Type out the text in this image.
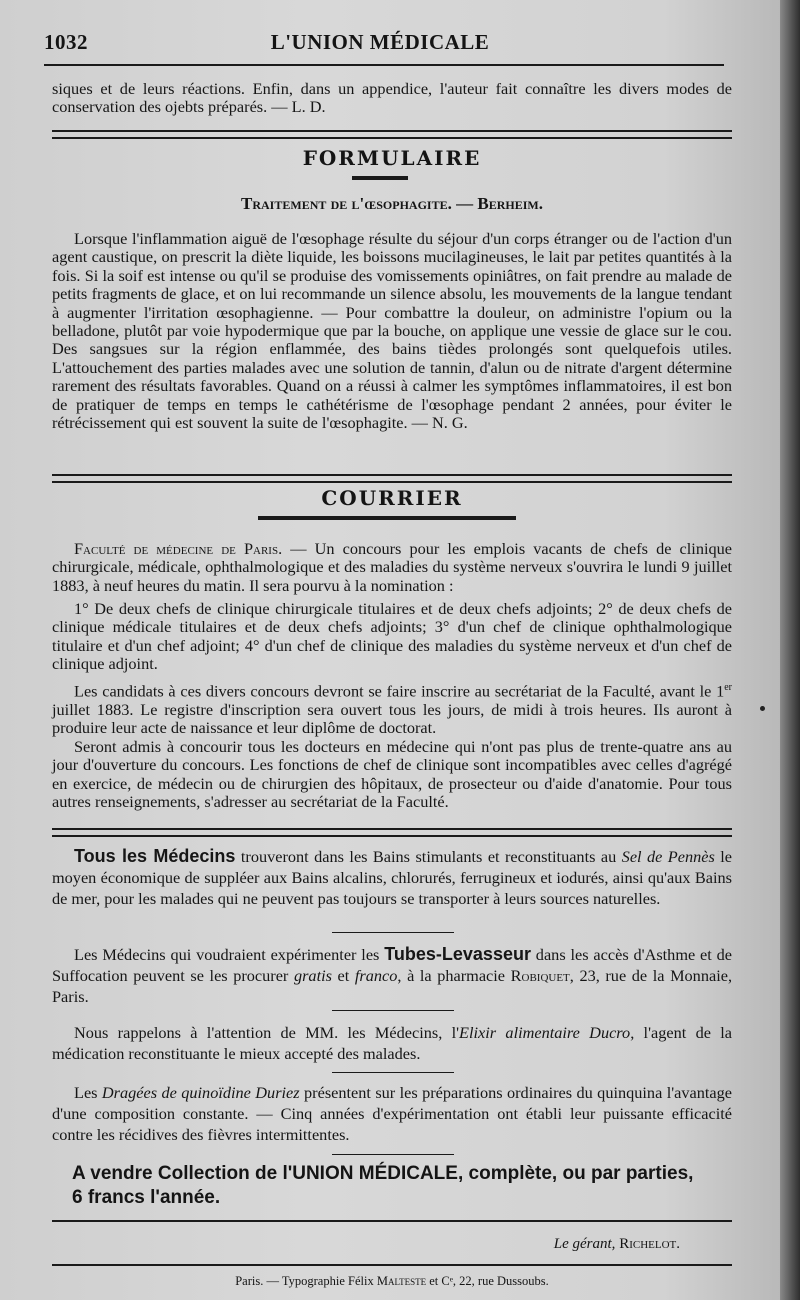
1032	L'UNION MÉDICALE
siques et de leurs réactions. Enfin, dans un appendice, l'auteur fait connaître les divers modes de conservation des ojebts préparés. — L. D.
FORMULAIRE
Traitement de l'œsophagite. — Berheim.
Lorsque l'inflammation aiguë de l'œsophage résulte du séjour d'un corps étranger ou de l'action d'un agent caustique, on prescrit la diète liquide, les boissons mucilagineuses, le lait par petites quantités à la fois. Si la soif est intense ou qu'il se produise des vomissements opiniâtres, on fait prendre au malade de petits fragments de glace, et on lui recommande un silence absolu, les mouvements de la langue tendant à augmenter l'irritation œsophagienne. — Pour combattre la douleur, on administre l'opium ou la belladone, plutôt par voie hypodermique que par la bouche, on applique une vessie de glace sur le cou. Des sangsues sur la région enflammée, des bains tièdes prolongés sont quelquefois utiles. L'attouchement des parties malades avec une solution de tannin, d'alun ou de nitrate d'argent détermine rarement des résultats favorables. Quand on a réussi à calmer les symptômes inflammatoires, il est bon de pratiquer de temps en temps le cathétérisme de l'œsophage pendant 2 années, pour éviter le rétrécissement qui est souvent la suite de l'œsophagite. — N. G.
COURRIER
Faculté de médecine de Paris. — Un concours pour les emplois vacants de chefs de clinique chirurgicale, médicale, ophthalmologique et des maladies du système nerveux s'ouvrira le lundi 9 juillet 1883, à neuf heures du matin. Il sera pourvu à la nomination :
1° De deux chefs de clinique chirurgicale titulaires et de deux chefs adjoints; 2° de deux chefs de clinique médicale titulaires et de deux chefs adjoints; 3° d'un chef de clinique ophthalmologique titulaire et d'un chef adjoint; 4° d'un chef de clinique des maladies du système nerveux et d'un chef de clinique adjoint.
Les candidats à ces divers concours devront se faire inscrire au secrétariat de la Faculté, avant le 1er juillet 1883. Le registre d'inscription sera ouvert tous les jours, de midi à trois heures. Ils auront à produire leur acte de naissance et leur diplôme de doctorat.
Seront admis à concourir tous les docteurs en médecine qui n'ont pas plus de trente-quatre ans au jour d'ouverture du concours. Les fonctions de chef de clinique sont incompatibles avec celles d'agrégé en exercice, de médecin ou de chirurgien des hôpitaux, de prosecteur ou d'aide d'anatomie. Pour tous autres renseignements, s'adresser au secrétariat de la Faculté.
Tous les Médecins trouveront dans les Bains stimulants et reconstituants au Sel de Pennès le moyen économique de suppléer aux Bains alcalins, chlorurés, ferrugineux et iodurés, ainsi qu'aux Bains de mer, pour les malades qui ne peuvent pas toujours se transporter à leurs sources naturelles.
Les Médecins qui voudraient expérimenter les Tubes-Levasseur dans les accès d'Asthme et de Suffocation peuvent se les procurer gratis et franco, à la pharmacie Robiquet, 23, rue de la Monnaie, Paris.
Nous rappelons à l'attention de MM. les Médecins, l'Elixir alimentaire Ducro, l'agent de la médication reconstituante le mieux accepté des malades.
Les Dragées de quinoïdine Duriez présentent sur les préparations ordinaires du quinquina l'avantage d'une composition constante. — Cinq années d'expérimentation ont établi leur puissante efficacité contre les récidives des fièvres intermittentes.
A vendre Collection de l'UNION MÉDICALE, complète, ou par parties,
6 francs l'année.
Le gérant, Richelot.
Paris. — Typographie Félix Malteste et Cᵉ, 22, rue Dussoubs.
